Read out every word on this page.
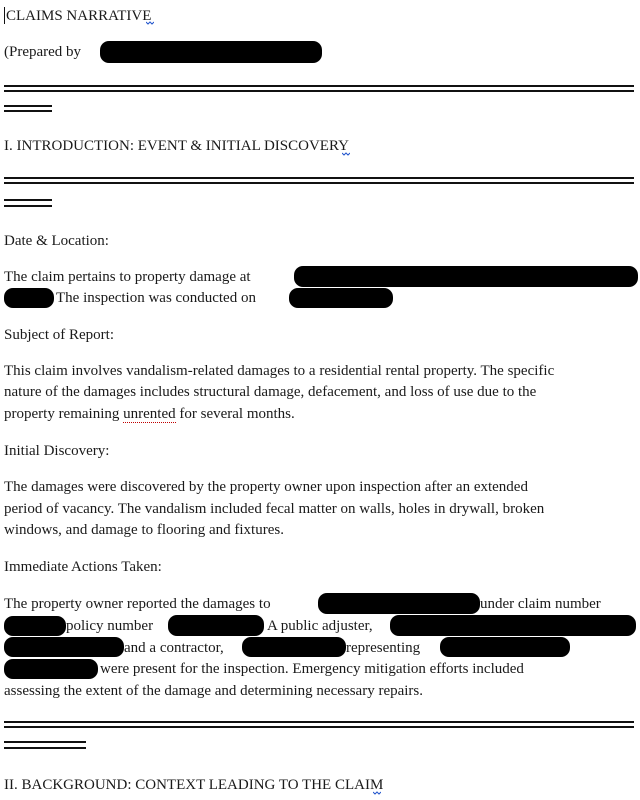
CLAIMS NARRATIVE
(Prepared by
I. INTRODUCTION: EVENT & INITIAL DISCOVERY
Date & Location:
The claim pertains to property damage at
The inspection was conducted on
Subject of Report:
This claim involves vandalism-related damages to a residential rental property. The specific
nature of the damages includes structural damage, defacement, and loss of use due to the
property remaining unrented for several months.
Initial Discovery:
The damages were discovered by the property owner upon inspection after an extended
period of vacancy. The vandalism included fecal matter on walls, holes in drywall, broken
windows, and damage to flooring and fixtures.
Immediate Actions Taken:
The property owner reported the damages to	under claim number
policy number	A public adjuster,
and a contractor,	representing
were present for the inspection. Emergency mitigation efforts included
assessing the extent of the damage and determining necessary repairs.
II. BACKGROUND: CONTEXT LEADING TO THE CLAIM
